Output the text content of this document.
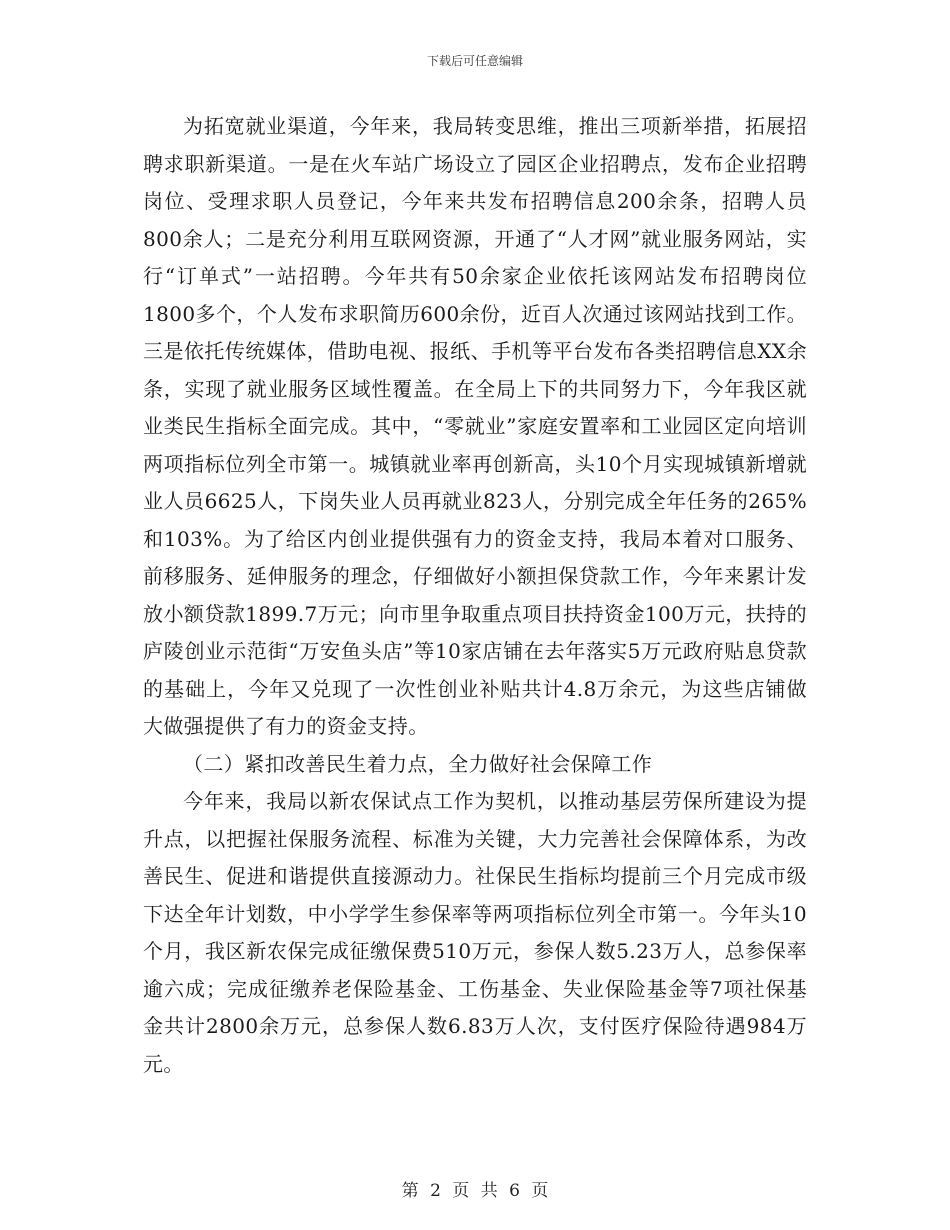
下载后可任意编辑

为拓宽就业渠道，今年来，我局转变思维，推出三项新举措，拓展招聘求职新渠道。一是在火车站广场设立了园区企业招聘点，发布企业招聘岗位、受理求职人员登记，今年来共发布招聘信息200余条，招聘人员800余人；二是充分利用互联网资源，开通了“人才网”就业服务网站，实行“订单式”一站招聘。今年共有50余家企业依托该网站发布招聘岗位1800多个，个人发布求职简历600余份，近百人次通过该网站找到工作。三是依托传统媒体，借助电视、报纸、手机等平台发布各类招聘信息XX余条，实现了就业服务区域性覆盖。在全局上下的共同努力下，今年我区就业类民生指标全面完成。其中，“零就业”家庭安置率和工业园区定向培训两项指标位列全市第一。城镇就业率再创新高，头10个月实现城镇新增就业人员6625人，下岗失业人员再就业823人，分别完成全年任务的265%和103%。为了给区内创业提供强有力的资金支持，我局本着对口服务、前移服务、延伸服务的理念，仔细做好小额担保贷款工作，今年来累计发放小额贷款1899.7万元；向市里争取重点项目扶持资金100万元，扶持的庐陵创业示范街“万安鱼头店”等10家店铺在去年落实5万元政府贴息贷款的基础上，今年又兑现了一次性创业补贴共计4.8万余元，为这些店铺做大做强提供了有力的资金支持。

（二）紧扣改善民生着力点，全力做好社会保障工作

今年来，我局以新农保试点工作为契机，以推动基层劳保所建设为提升点，以把握社保服务流程、标准为关键，大力完善社会保障体系，为改善民生、促进和谐提供直接源动力。社保民生指标均提前三个月完成市级下达全年计划数，中小学学生参保率等两项指标位列全市第一。今年头10个月，我区新农保完成征缴保费510万元，参保人数5.23万人，总参保率逾六成；完成征缴养老保险基金、工伤基金、失业保险基金等7项社保基金共计2800余万元，总参保人数6.83万人次，支付医疗保险待遇984万元。

第 2 页 共 6 页
